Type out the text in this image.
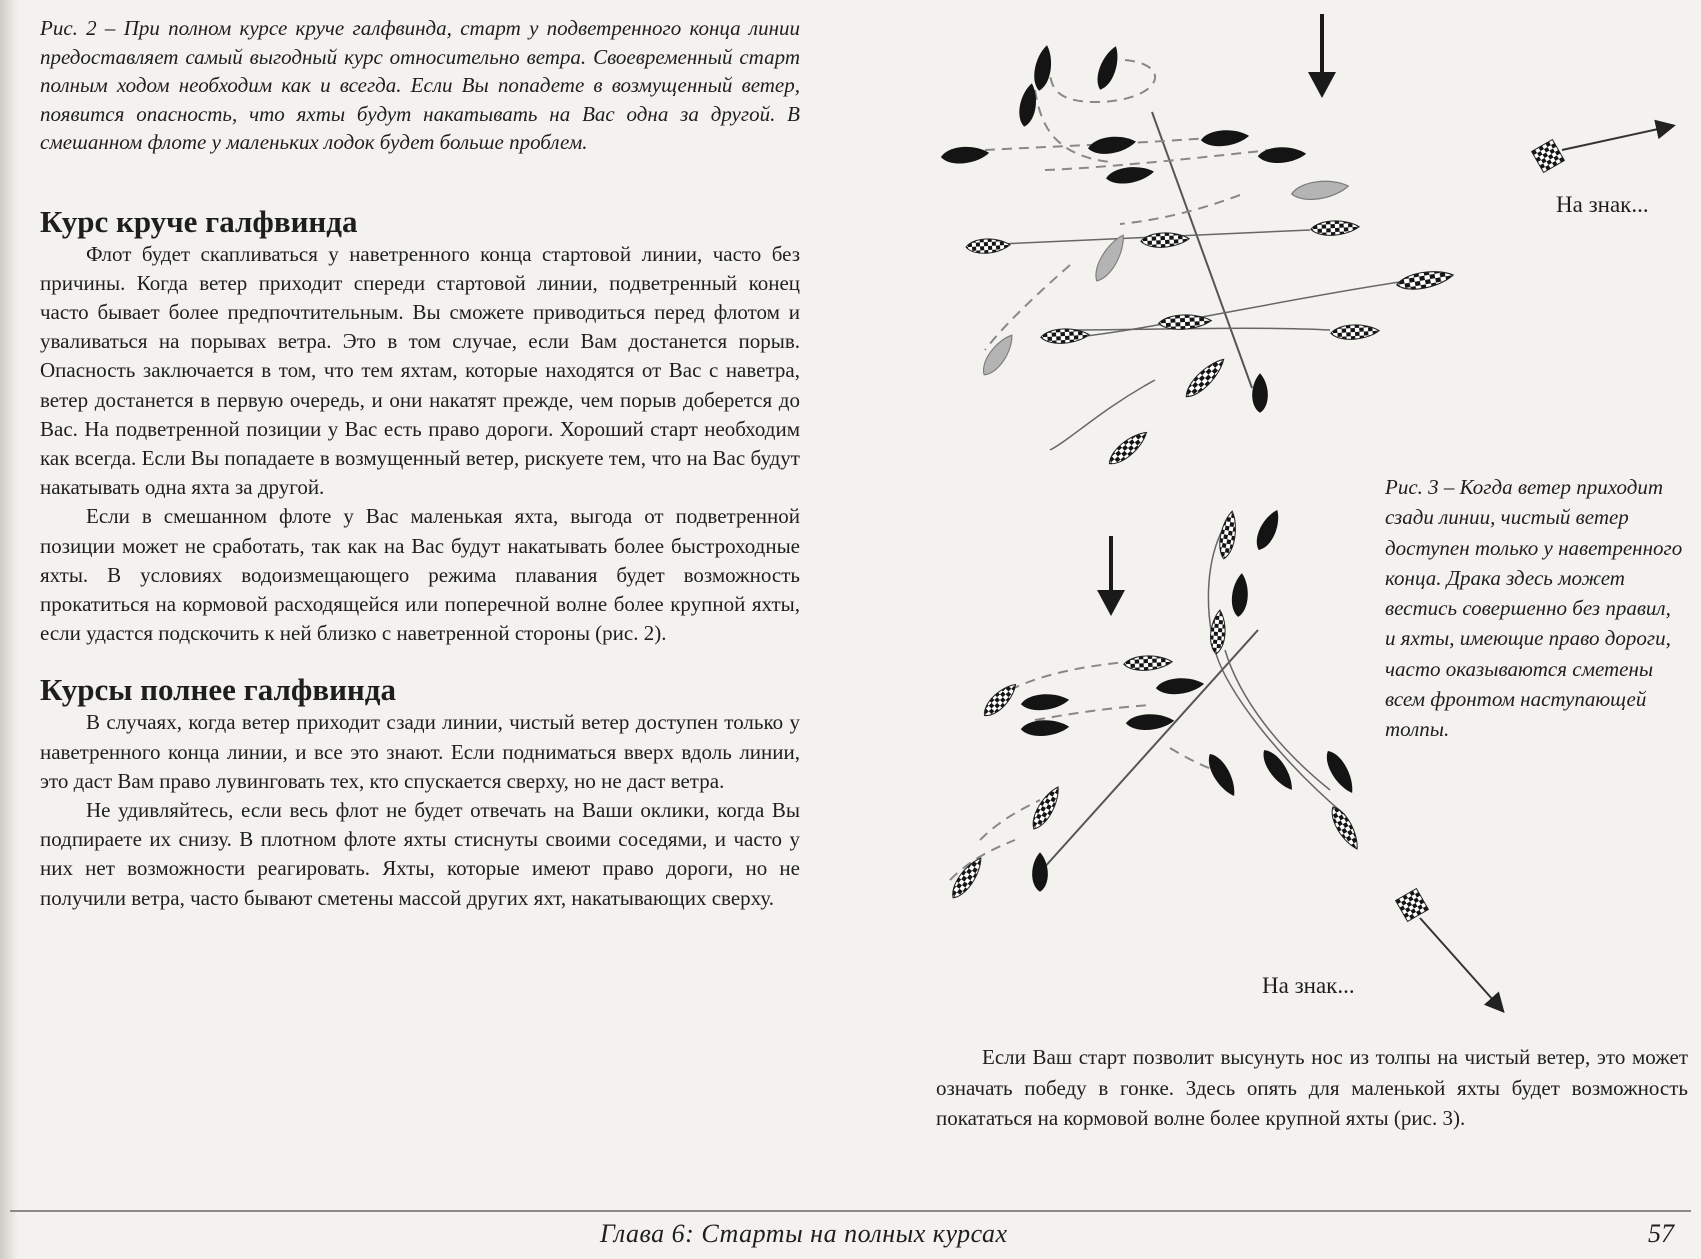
Рис. 2 – При полном курсе круче галфвинда, старт у подветренного конца линии предоставляет самый выгодный курс относительно ветра. Своевременный старт полным ходом необходим как и всегда. Если Вы попадете в возмущенный ветер, появится опасность, что яхты будут накатывать на Вас одна за другой. В смешанном флоте у маленьких лодок будет больше проблем.

Курс круче галфвинда

Флот будет скапливаться у наветренного конца стартовой линии, часто без причины. Когда ветер приходит спереди стартовой линии, подветренный конец часто бывает более предпочтительным. Вы сможете приводиться перед флотом и уваливаться на порывах ветра. Это в том случае, если Вам достанется порыв. Опасность заключается в том, что тем яхтам, которые находятся от Вас с наветра, ветер достанется в первую очередь, и они накатят прежде, чем порыв доберется до Вас. На подветренной позиции у Вас есть право дороги. Хороший старт необходим как всегда. Если Вы попадаете в возмущенный ветер, рискуете тем, что на Вас будут накатывать одна яхта за другой.

Если в смешанном флоте у Вас маленькая яхта, выгода от подветренной позиции может не сработать, так как на Вас будут накатывать более быстроходные яхты. В условиях водоизмещающего режима плавания будет возможность прокатиться на кормовой расходящейся или поперечной волне более крупной яхты, если удастся подскочить к ней близко с наветренной стороны (рис. 2).

Курсы полнее галфвинда

В случаях, когда ветер приходит сзади линии, чистый ветер доступен только у наветренного конца линии, и все это знают. Если подниматься вверх вдоль линии, это даст Вам право лувинговать тех, кто спускается сверху, но не даст ветра.

Не удивляйтесь, если весь флот не будет отвечать на Ваши оклики, когда Вы подпираете их снизу. В плотном флоте яхты стиснуты своими соседями, и часто у них нет возможности реагировать. Яхты, которые имеют право дороги, но не получили ветра, часто бывают сметены массой других яхт, накатывающих сверху.

На знак...
На знак...

Рис. 3 – Когда ветер приходит сзади линии, чистый ветер доступен только у наветренного конца. Драка здесь может вестись совершенно без правил, и яхты, имеющие право дороги, часто оказываются сметены всем фронтом наступающей толпы.

Если Ваш старт позволит высунуть нос из толпы на чистый ветер, это может означать победу в гонке. Здесь опять для маленькой яхты будет возможность покататься на кормовой волне более крупной яхты (рис. 3).

Глава 6: Старты на полных курсах	57
